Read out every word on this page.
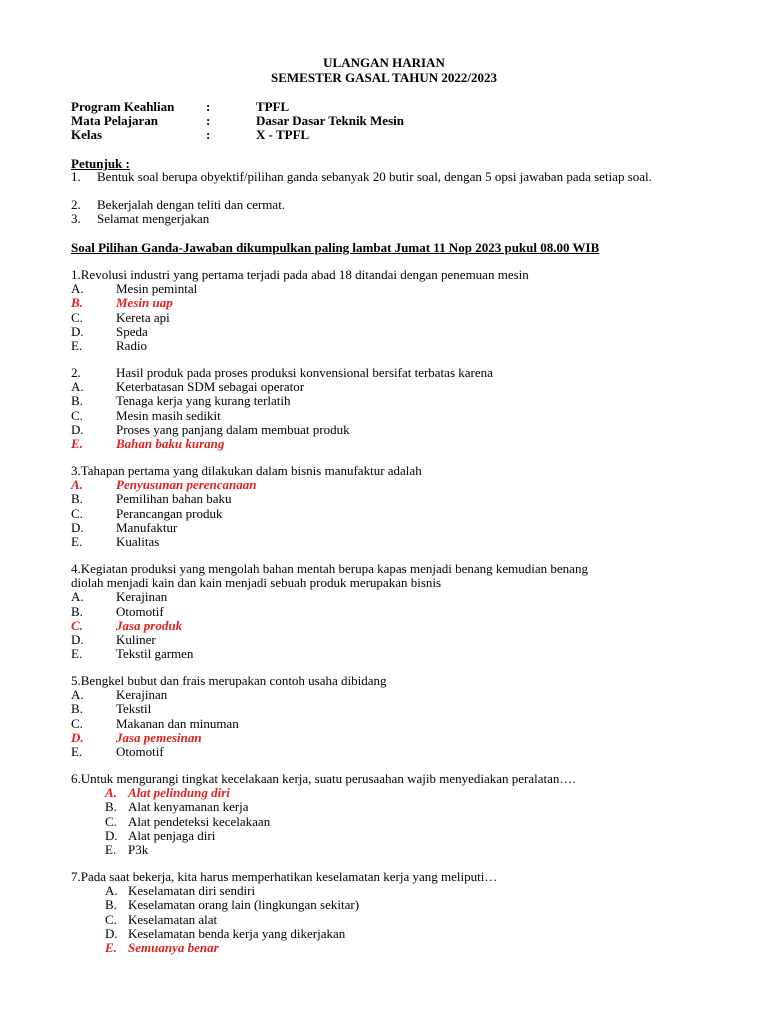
ULANGAN HARIAN
SEMESTER GASAL TAHUN 2022/2023
Program Keahlian :	TPFL
Mata Pelajaran	:	Dasar Dasar Teknik Mesin
Kelas	:	X - TPFL
Petunjuk :
1. Bentuk soal berupa obyektif/pilihan ganda sebanyak 20 butir soal, dengan 5 opsi jawaban pada setiap soal.
2. Bekerjalah dengan teliti dan cermat.
3. Selamat mengerjakan
Soal Pilihan Ganda-Jawaban dikumpulkan paling lambat Jumat 11 Nop 2023 pukul 08.00 WIB
1.Revolusi industri yang pertama terjadi pada abad 18 ditandai dengan penemuan mesin
A. Mesin pemintal
B.	Mesin uap
C.	Kereta api
D. Speda
E.	Radio
2.	Hasil produk pada proses produksi konvensional bersifat terbatas karena
A. Keterbatasan SDM sebagai operator
B.	Tenaga kerja yang kurang terlatih
C.	Mesin masih sedikit
D. Proses yang panjang dalam membuat produk
E.	Bahan baku kurang
3.Tahapan pertama yang dilakukan dalam bisnis manufaktur adalah
A.	Penyusunan perencanaan
B.	Pemilihan bahan baku
C.	Perancangan produk
D. Manufaktur
E.	Kualitas
4.Kegiatan produksi yang mengolah bahan mentah berupa kapas menjadi benang kemudian benang
diolah menjadi kain dan kain menjadi sebuah produk merupakan bisnis
A. Kerajinan
B.	Otomotif
C.	Jasa produk
D. Kuliner
E.	Tekstil garmen
5.Bengkel bubut dan frais merupakan contoh usaha dibidang
A. Kerajinan
B.	Tekstil
C.	Makanan dan minuman
D. Jasa pemesinan
E.	Otomotif
6.Untuk mengurangi tingkat kecelakaan kerja, suatu perusaahan wajib menyediakan peralatan….
A. Alat pelindung diri
B. Alat kenyamanan kerja
C. Alat pendeteksi kecelakaan
D. Alat penjaga diri
E. P3k
7.Pada saat bekerja, kita harus memperhatikan keselamatan kerja yang meliputi…
A. Keselamatan diri sendiri
B. Keselamatan orang lain (lingkungan sekitar)
C. Keselamatan alat
D. Keselamatan benda kerja yang dikerjakan
E. Semuanya benar
